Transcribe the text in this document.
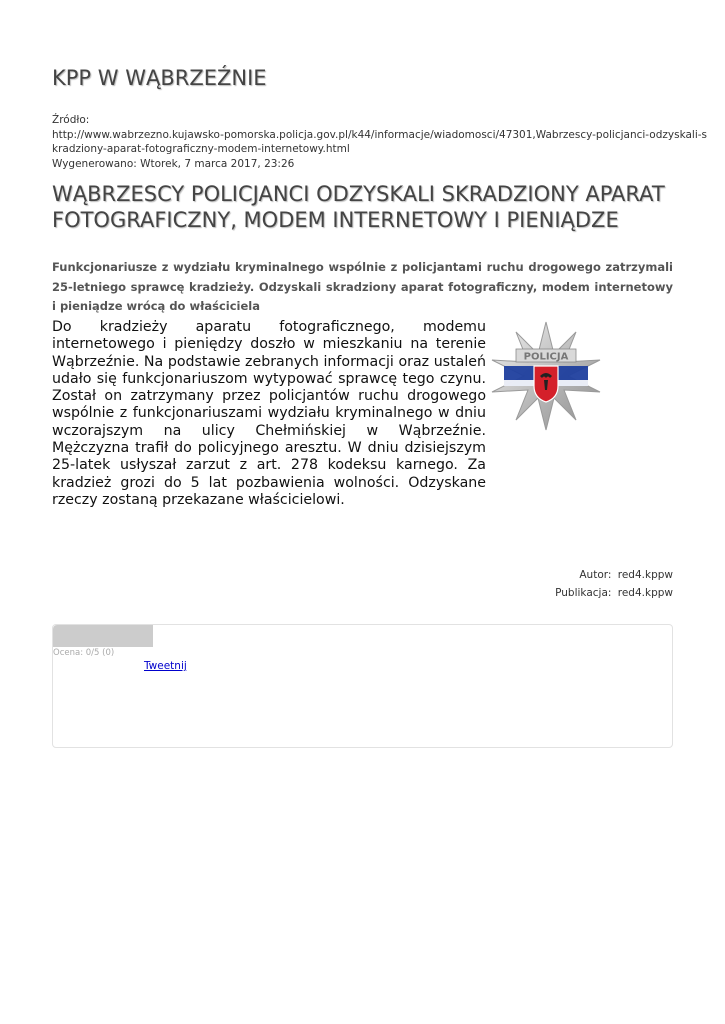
KPP W WĄBRZEŹNIE
Źródło:
http://www.wabrzezno.kujawsko-pomorska.policja.gov.pl/k44/informacje/wiadomosci/47301,Wabrzescy-policjanci-odzyskali-s
kradziony-aparat-fotograficzny-modem-internetowy.html
Wygenerowano: Wtorek, 7 marca 2017, 23:26
WĄBRZESCY POLICJANCI ODZYSKALI SKRADZIONY APARAT FOTOGRAFICZNY, MODEM INTERNETOWY I PIENIĄDZE
Funkcjonariusze z wydziału kryminalnego wspólnie z policjantami ruchu drogowego zatrzymali 25-letniego sprawcę kradzieży. Odzyskali skradziony aparat fotograficzny, modem internetowy i pieniądze wrócą do właściciela
Do kradzieży aparatu fotograficznego, modemu internetowego i pieniędzy doszło w mieszkaniu na terenie Wąbrzeźnie. Na podstawie zebranych informacji oraz ustaleń udało się funkcjonariuszom wytypować sprawcę tego czynu. Został on zatrzymany przez policjantów ruchu drogowego wspólnie z funkcjonariuszami wydziału kryminalnego w dniu wczorajszym na ulicy Chełmińskiej w Wąbrzeźnie. Mężczyzna trafił do policyjnego aresztu. W dniu dzisiejszym 25-latek usłyszał zarzut z art. 278 kodeksu karnego. Za kradzież grozi do 5 lat pozbawienia wolności. Odzyskane rzeczy zostaną przekazane właścicielowi.
POLICJA
Autor: red4.kppw
Publikacja: red4.kppw
Ocena: 0/5 (0)
Tweetnij
